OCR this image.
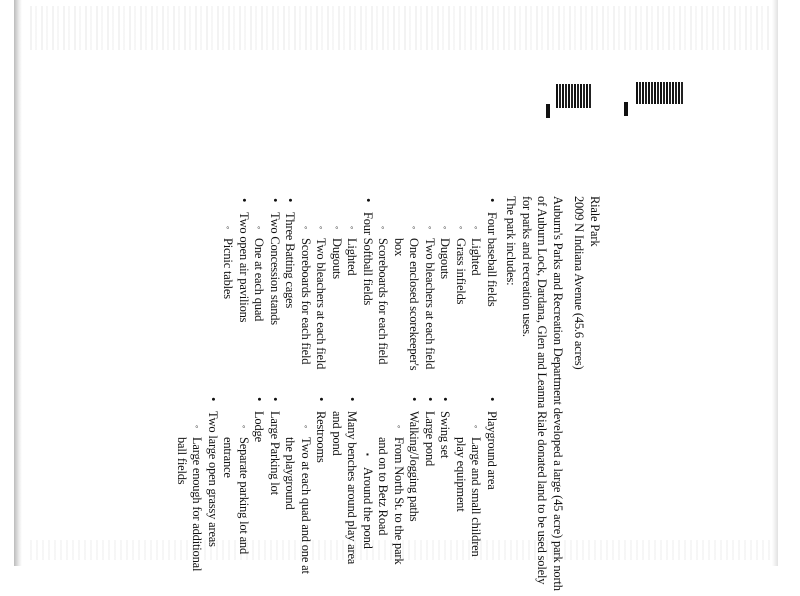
Riale Park

2009 N Indiana Avenue (45.6 acres)

Auburn's Parks and Recreation Department developed a large (45 acre) park north of Auburn Lock, Dardana, Glen and Leanna Riale donated land to be used solely for parks and recreation uses.

The park includes:

• Four baseball fields
◦ Lighted
◦ Grass infields
◦ Dugouts
◦ Two bleachers at each field
◦ One enclosed scorekeeper's box
◦ Scoreboards for each field
• Four Softball fields
◦ Lighted
◦ Dugouts
◦ Two bleachers at each field
◦ Scoreboards for each field
• Three Batting cages
• Two Concession stands
◦ One at each quad
• Two open air pavilions
◦ Picnic tables
• Playground area
◦ Large and small children play equipment
• Swing set
• Large pond
• Walking/Jogging paths
◦ From North St. to the park and on to Betz Road
▪ Around the pond
• Many benches around play area and pond
• Restrooms
◦ Two at each quad and one at the playground
• Large Parking lot
• Lodge
◦ Separate parking lot and entrance
• Two large open grassy areas
◦ Large enough for additional ball fields
